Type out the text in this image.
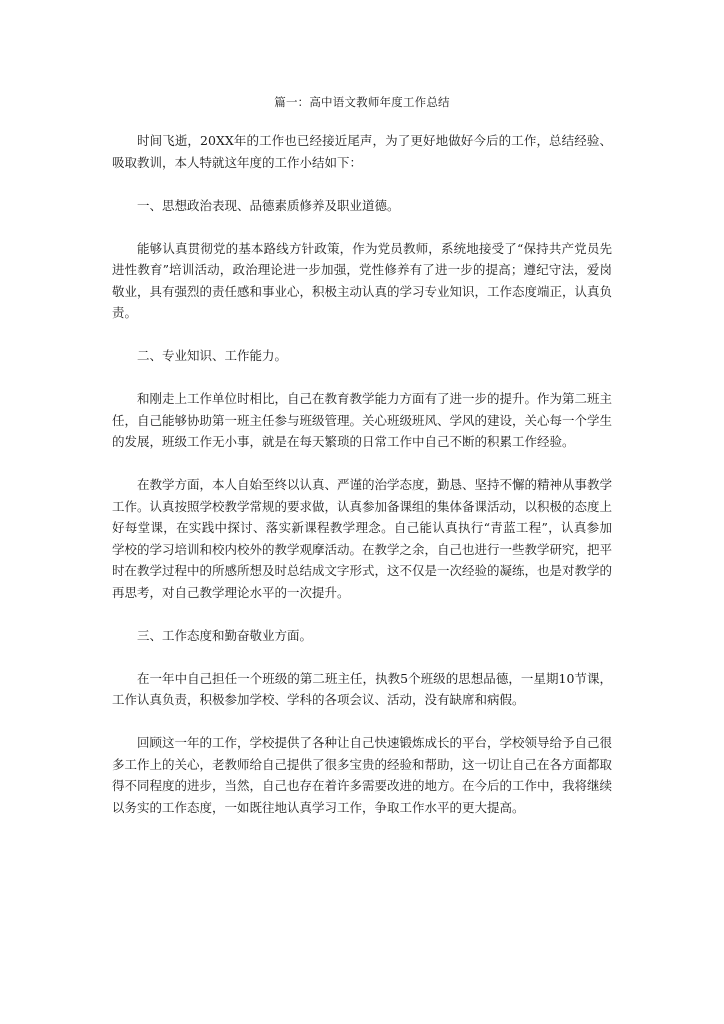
篇一：高中语文教师年度工作总结

时间飞逝，20XX年的工作也已经接近尾声，为了更好地做好今后的工作，总结经验、吸取教训，本人特就这年度的工作小结如下：

一、思想政治表现、品德素质修养及职业道德。

能够认真贯彻党的基本路线方针政策，作为党员教师，系统地接受了“保持共产党员先进性教育”培训活动，政治理论进一步加强，党性修养有了进一步的提高；遵纪守法，爱岗敬业，具有强烈的责任感和事业心，积极主动认真的学习专业知识，工作态度端正，认真负责。

二、专业知识、工作能力。

和刚走上工作单位时相比，自己在教育教学能力方面有了进一步的提升。作为第二班主任，自己能够协助第一班主任参与班级管理。关心班级班风、学风的建设，关心每一个学生的发展，班级工作无小事，就是在每天繁琐的日常工作中自己不断的积累工作经验。

在教学方面，本人自始至终以认真、严谨的治学态度，勤恳、坚持不懈的精神从事教学工作。认真按照学校教学常规的要求做，认真参加备课组的集体备课活动，以积极的态度上好每堂课，在实践中探讨、落实新课程教学理念。自己能认真执行“青蓝工程”，认真参加学校的学习培训和校内校外的教学观摩活动。在教学之余，自己也进行一些教学研究，把平时在教学过程中的所感所想及时总结成文字形式，这不仅是一次经验的凝练，也是对教学的再思考，对自己教学理论水平的一次提升。

三、工作态度和勤奋敬业方面。

在一年中自己担任一个班级的第二班主任，执教5个班级的思想品德，一星期10节课，工作认真负责，积极参加学校、学科的各项会议、活动，没有缺席和病假。

回顾这一年的工作，学校提供了各种让自己快速锻炼成长的平台，学校领导给予自己很多工作上的关心，老教师给自己提供了很多宝贵的经验和帮助，这一切让自己在各方面都取得不同程度的进步，当然，自己也存在着许多需要改进的地方。在今后的工作中，我将继续以务实的工作态度，一如既往地认真学习工作，争取工作水平的更大提高。
